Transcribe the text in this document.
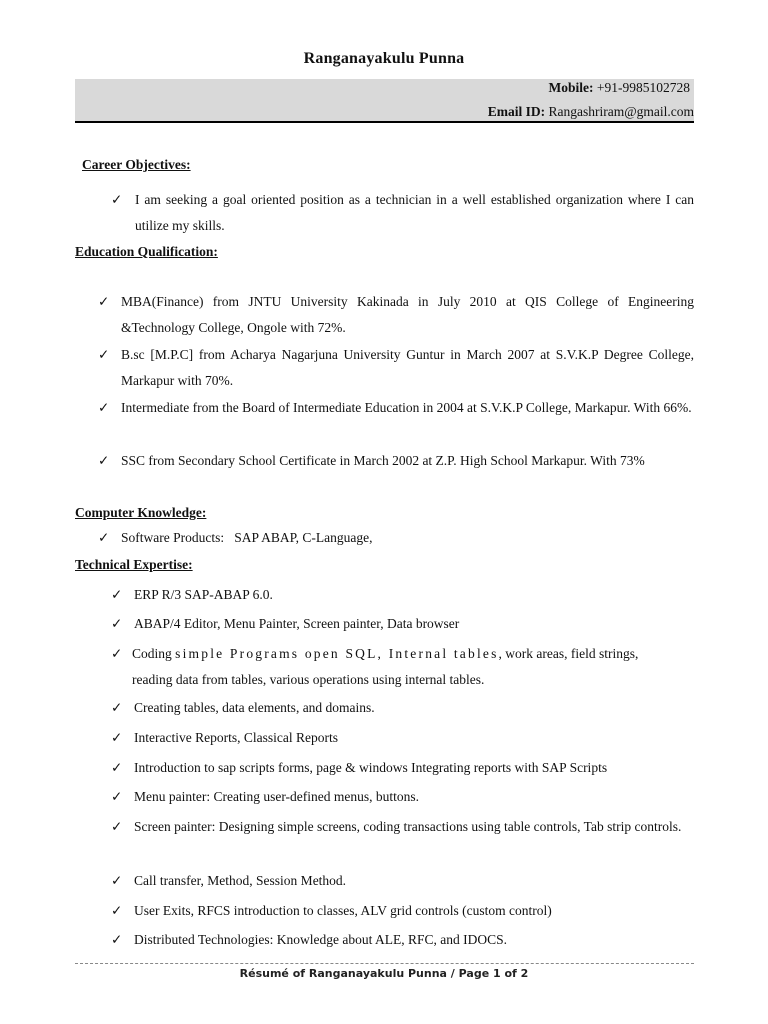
Ranganayakulu Punna
Mobile: +91-9985102728
Email ID: Rangashriram@gmail.com
Career Objectives:
✓ I am seeking a goal oriented position as a technician in a well established organization where I can utilize my skills.
Education Qualification:
✓ MBA(Finance) from JNTU University Kakinada in July 2010 at QIS College of Engineering &Technology College, Ongole with 72%.
✓ B.sc [M.P.C] from Acharya Nagarjuna University Guntur in March 2007 at S.V.K.P Degree College, Markapur with 70%.
✓ Intermediate from the Board of Intermediate Education in 2004 at S.V.K.P College, Markapur. With 66%.
✓ SSC from Secondary School Certificate in March 2002 at Z.P. High School Markapur. With 73%
Computer Knowledge:
✓ Software Products:   SAP ABAP, C-Language,
Technical Expertise:
✓ ERP R/3 SAP-ABAP 6.0.
✓ ABAP/4 Editor, Menu Painter, Screen painter, Data browser
✓ Coding simple Programs open SQL, Internal tables, work areas, field strings,
reading data from tables, various operations using internal tables.
✓ Creating tables, data elements, and domains.
✓ Interactive Reports, Classical Reports
✓ Introduction to sap scripts forms, page & windows Integrating reports with SAP Scripts
✓ Menu painter: Creating user-defined menus, buttons.
✓ Screen painter: Designing simple screens, coding transactions using table controls, Tab strip controls.
✓ Call transfer, Method, Session Method.
✓ User Exits, RFCS introduction to classes, ALV grid controls (custom control)
✓ Distributed Technologies: Knowledge about ALE, RFC, and IDOCS.
Résumé of Ranganayakulu Punna / Page 1 of 2
